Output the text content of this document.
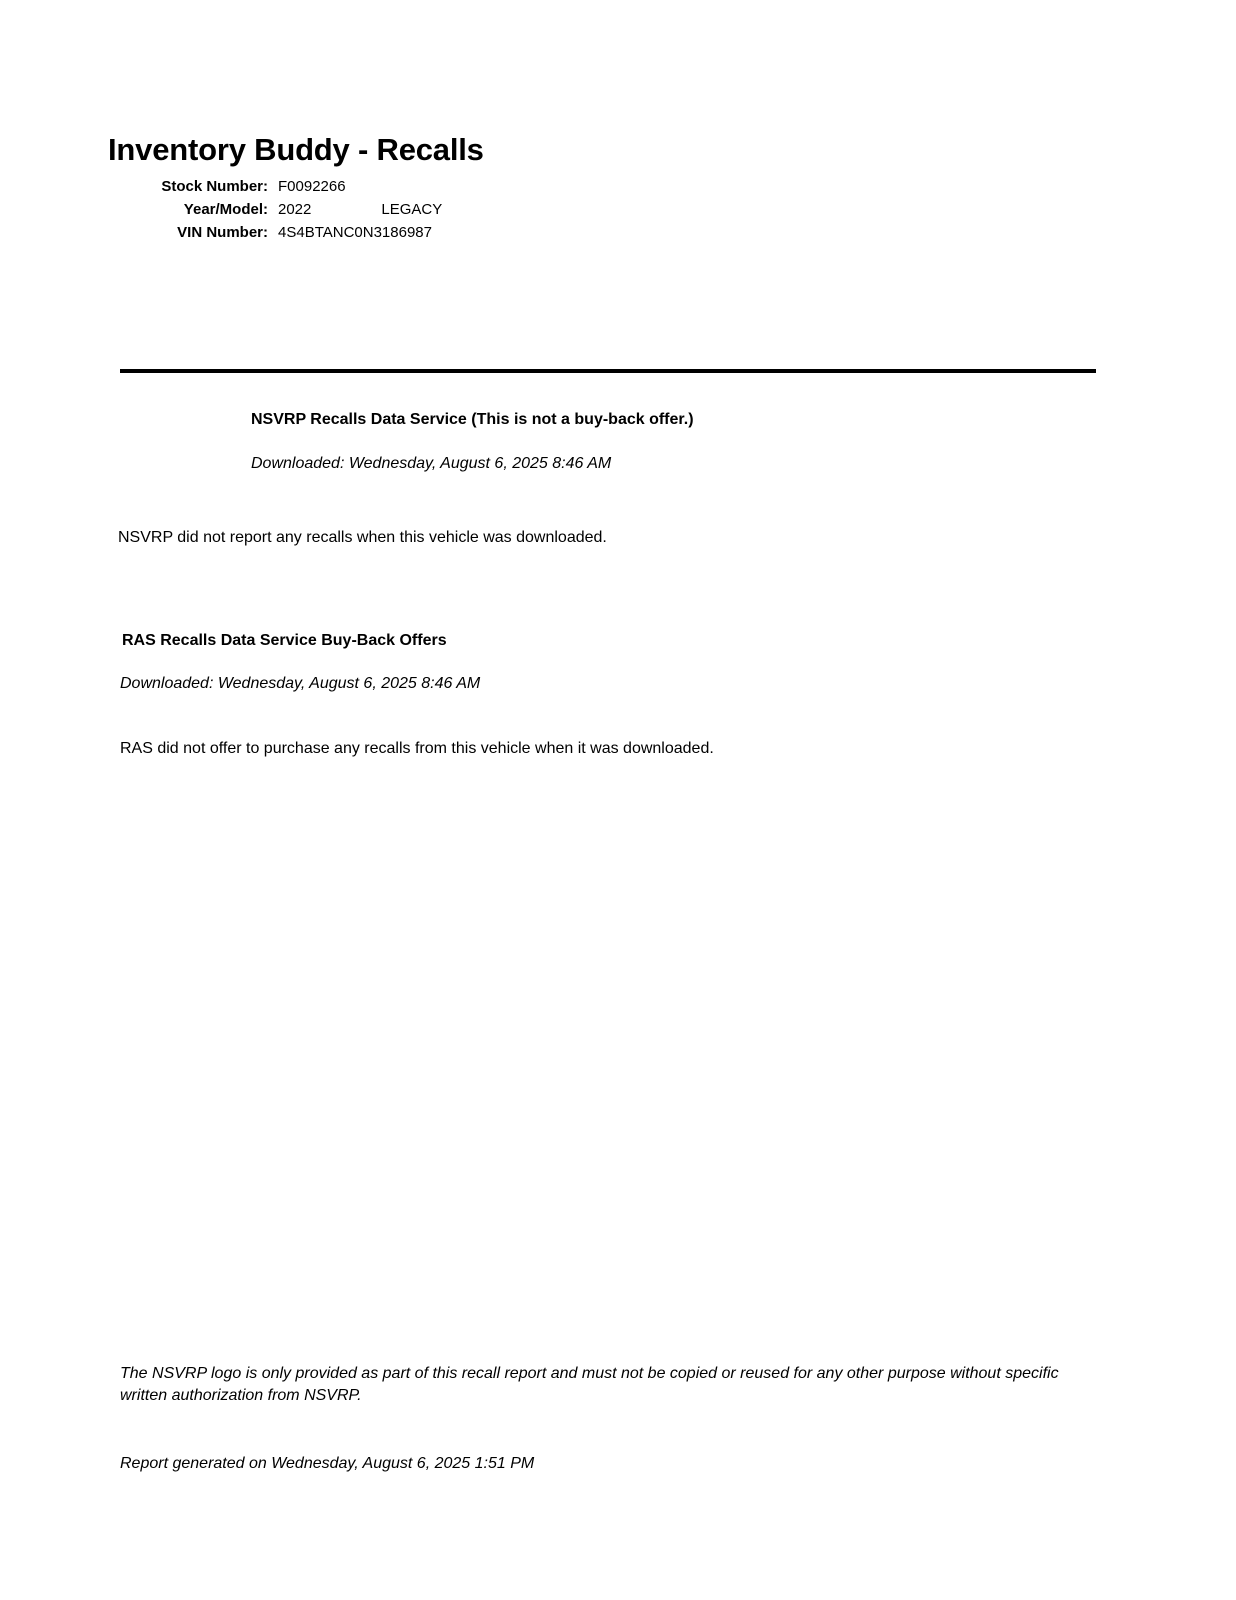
Inventory Buddy - Recalls
Stock Number: F0092266
Year/Model: 2022	LEGACY
VIN Number: 4S4BTANC0N3186987
NSVRP Recalls Data Service (This is not a buy-back offer.)
Downloaded: Wednesday, August 6, 2025 8:46 AM
NSVRP did not report any recalls when this vehicle was downloaded.
RAS Recalls Data Service Buy-Back Offers
Downloaded: Wednesday, August 6, 2025 8:46 AM
RAS did not offer to purchase any recalls from this vehicle when it was downloaded.
The NSVRP logo is only provided as part of this recall report and must not be copied or reused for any other purpose without specific written authorization from NSVRP.
Report generated on Wednesday, August 6, 2025 1:51 PM
